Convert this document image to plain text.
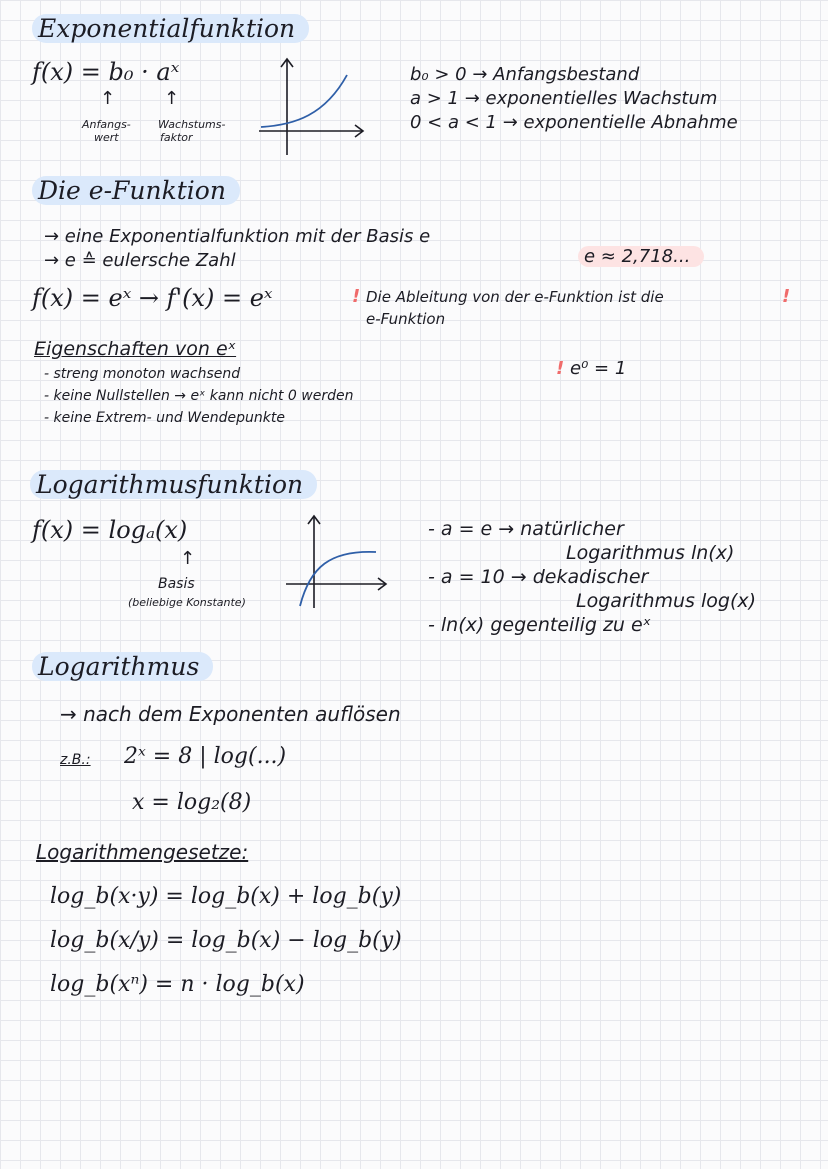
Exponentialfunktion
f(x) = b₀ · aˣ
↑	↑
Anfangs-
wert
Wachstums-
faktor
b₀ > 0 → Anfangsbestand
a > 1 → exponentielles Wachstum
0 < a < 1 → exponentielle Abnahme
Die e-Funktion
→ eine Exponentialfunktion mit der Basis e
→ e ≙ eulersche Zahl	e ≈ 2,718...
f(x) = eˣ → f'(x) = eˣ	! Die Ableitung von der e-Funktion ist die
e-Funktion
!
Eigenschaften von eˣ
- streng monoton wachsend
- keine Nullstellen → eˣ kann nicht 0 werden
- keine Extrem- und Wendepunkte
! e⁰ = 1
Logarithmusfunktion
f(x) = logₐ(x)
↑
Basis
(beliebige Konstante)
- a = e → natürlicher
Logarithmus ln(x)
- a = 10 → dekadischer
Logarithmus log(x)
- ln(x) gegenteilig zu eˣ
Logarithmus
→ nach dem Exponenten auflösen
z.B.: 2ˣ = 8 | log(...)
x = log₂(8)
Logarithmengesetze:
log_b(x·y) = log_b(x) + log_b(y)
log_b(x/y) = log_b(x) − log_b(y)
log_b(xⁿ) = n · log_b(x)
